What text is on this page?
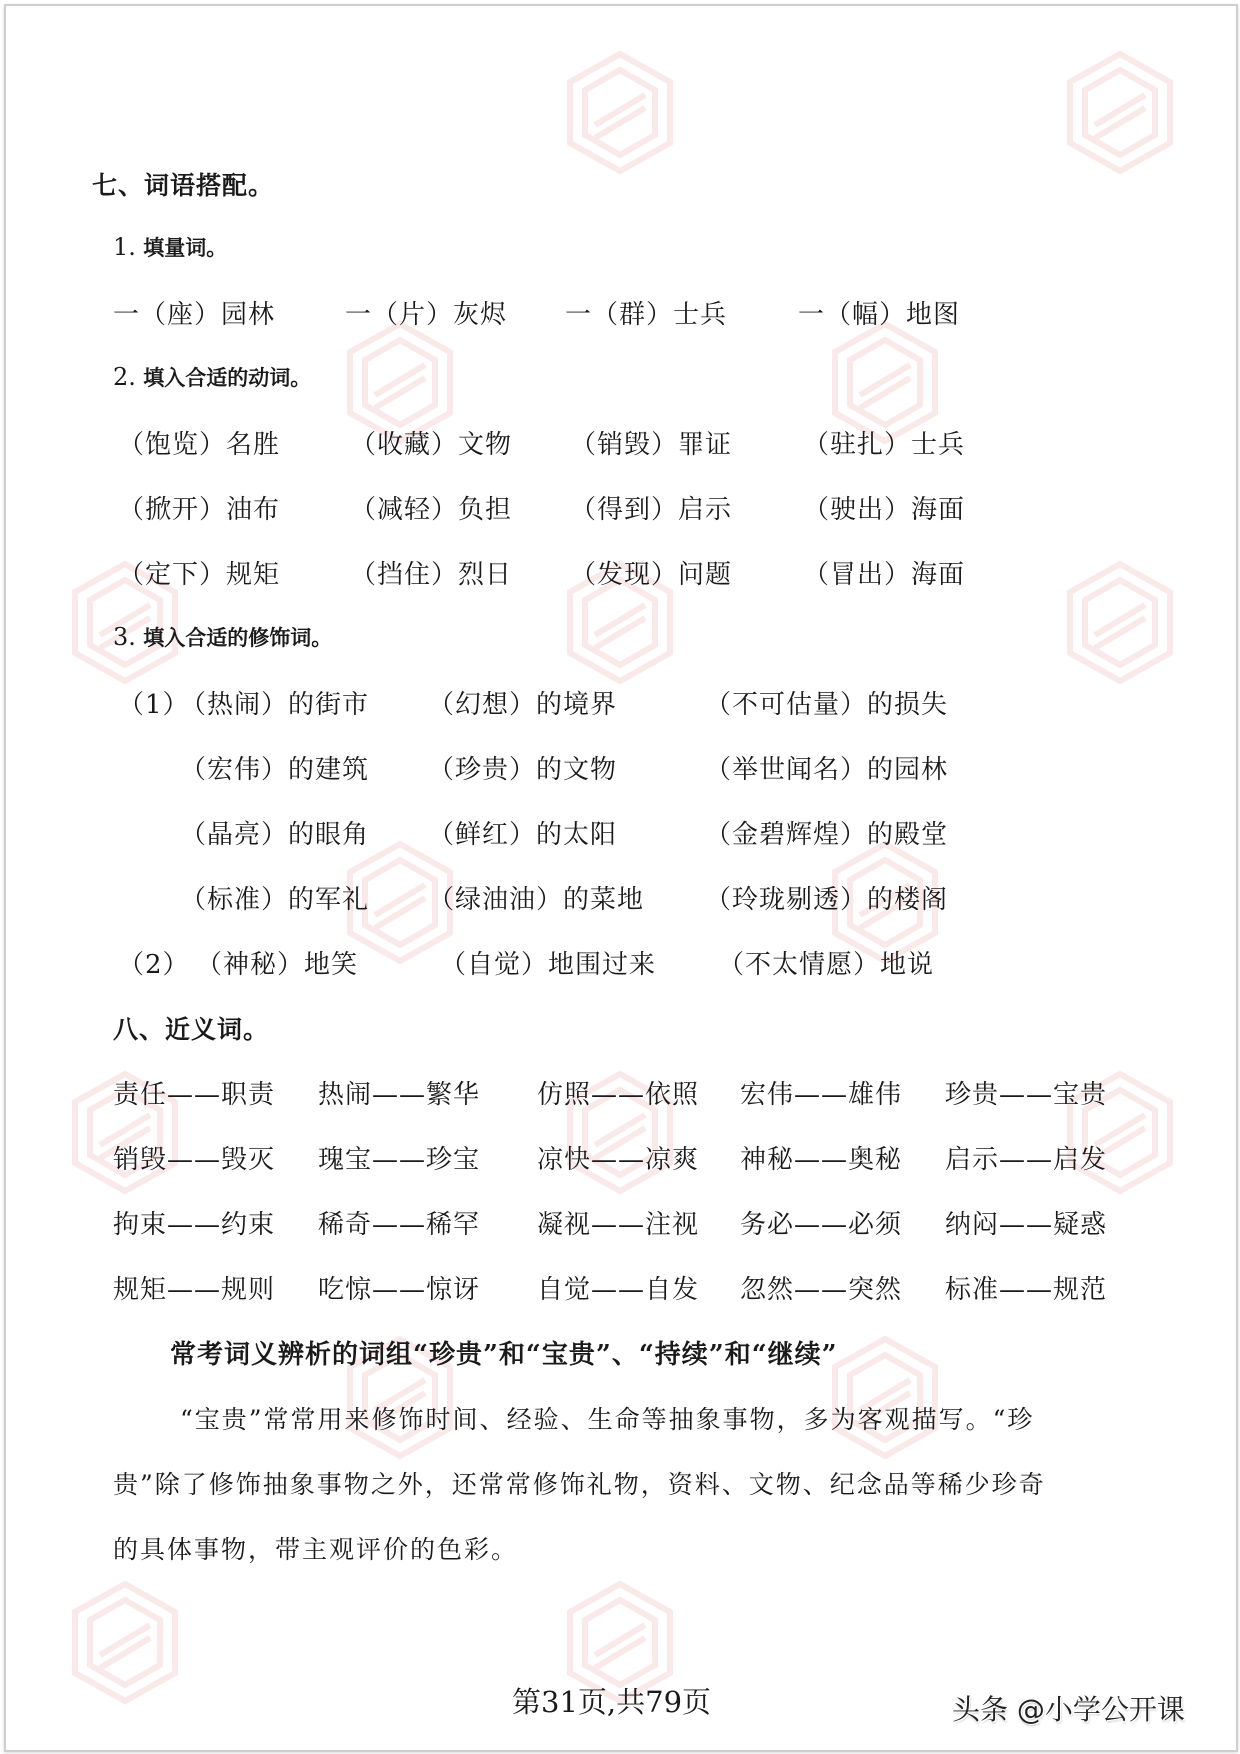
七、词语搭配。
1. 填量词。
一（座）园林	一（片）灰烬 一（群）士兵	一（幅）地图
2. 填入合适的动词。
（饱览）名胜	（收藏）文物 （销毁）罪证	（驻扎）士兵
（掀开）油布	（减轻）负担 （得到）启示	（驶出）海面
（定下）规矩	（挡住）烈日 （发现）问题	（冒出）海面
3. 填入合适的修饰词。
（1）
（热闹）的街市 （幻想）的境界	（不可估量）的损失
（宏伟）的建筑 （珍贵）的文物	（举世闻名）的园林
（晶亮）的眼角 （鲜红）的太阳	（金碧辉煌）的殿堂
（标准）的军礼 （绿油油）的菜地 （玲珑剔透）的楼阁
（2） （神秘）地笑	（自觉）地围过来 （不太情愿）地说
八、近义词。
责任——职责 热闹——繁华 仿照——依照 宏伟——雄伟 珍贵——宝贵
销毁——毁灭 瑰宝——珍宝 凉快——凉爽 神秘——奥秘 启示——启发
拘束——约束 稀奇——稀罕 凝视——注视 务必——必须 纳闷——疑惑
规矩——规则 吃惊——惊讶 自觉——自发 忽然——突然 标准——规范
常考词义辨析的词组“珍贵”和“宝贵”、“持续”和“继续”
“宝贵”常常用来修饰时间、经验、生命等抽象事物，多为客观描写。“珍
贵”除了修饰抽象事物之外，还常常修饰礼物，资料、文物、纪念品等稀少珍奇
的具体事物，带主观评价的色彩。
第31页,共79页	头条 @小学公开课
